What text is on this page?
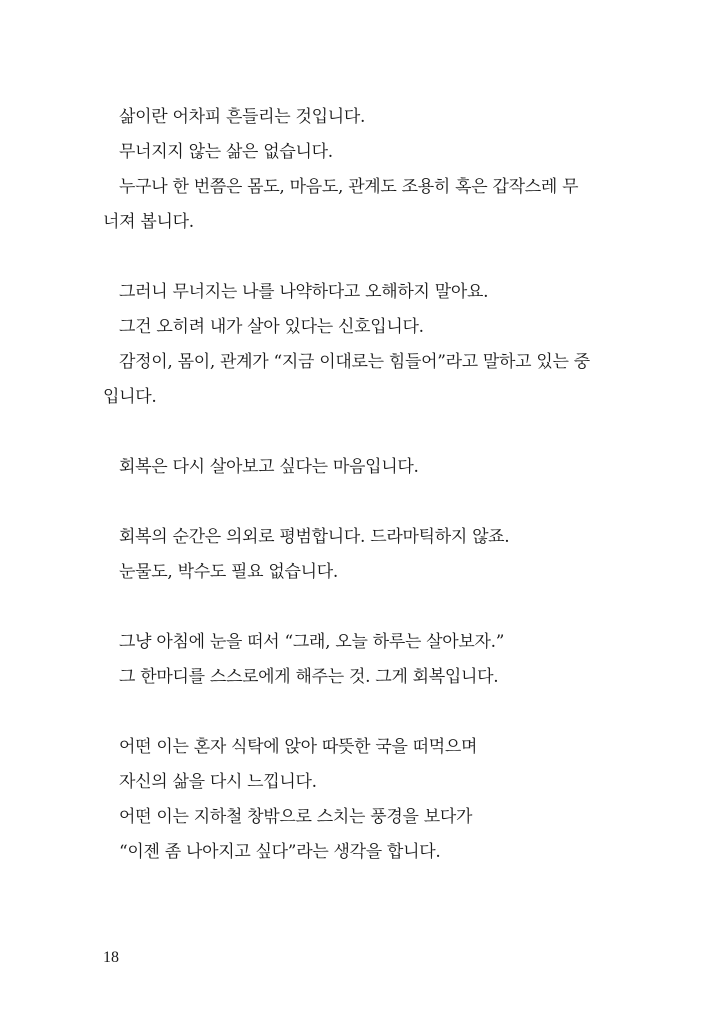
삶이란 어차피 흔들리는 것입니다.
무너지지 않는 삶은 없습니다.
누구나 한 번쯤은 몸도, 마음도, 관계도 조용히 혹은 갑작스레 무
너져 봅니다.
그러니 무너지는 나를 나약하다고 오해하지 말아요.
그건 오히려 내가 살아 있다는 신호입니다.
감정이, 몸이, 관계가 “지금 이대로는 힘들어”라고 말하고 있는 중
입니다.
회복은 다시 살아보고 싶다는 마음입니다.
회복의 순간은 의외로 평범합니다. 드라마틱하지 않죠.
눈물도, 박수도 필요 없습니다.
그냥 아침에 눈을 떠서 “그래, 오늘 하루는 살아보자.”
그 한마디를 스스로에게 해주는 것. 그게 회복입니다.
어떤 이는 혼자 식탁에 앉아 따뜻한 국을 떠먹으며
자신의 삶을 다시 느낍니다.
어떤 이는 지하철 창밖으로 스치는 풍경을 보다가
“이젠 좀 나아지고 싶다”라는 생각을 합니다.
18
